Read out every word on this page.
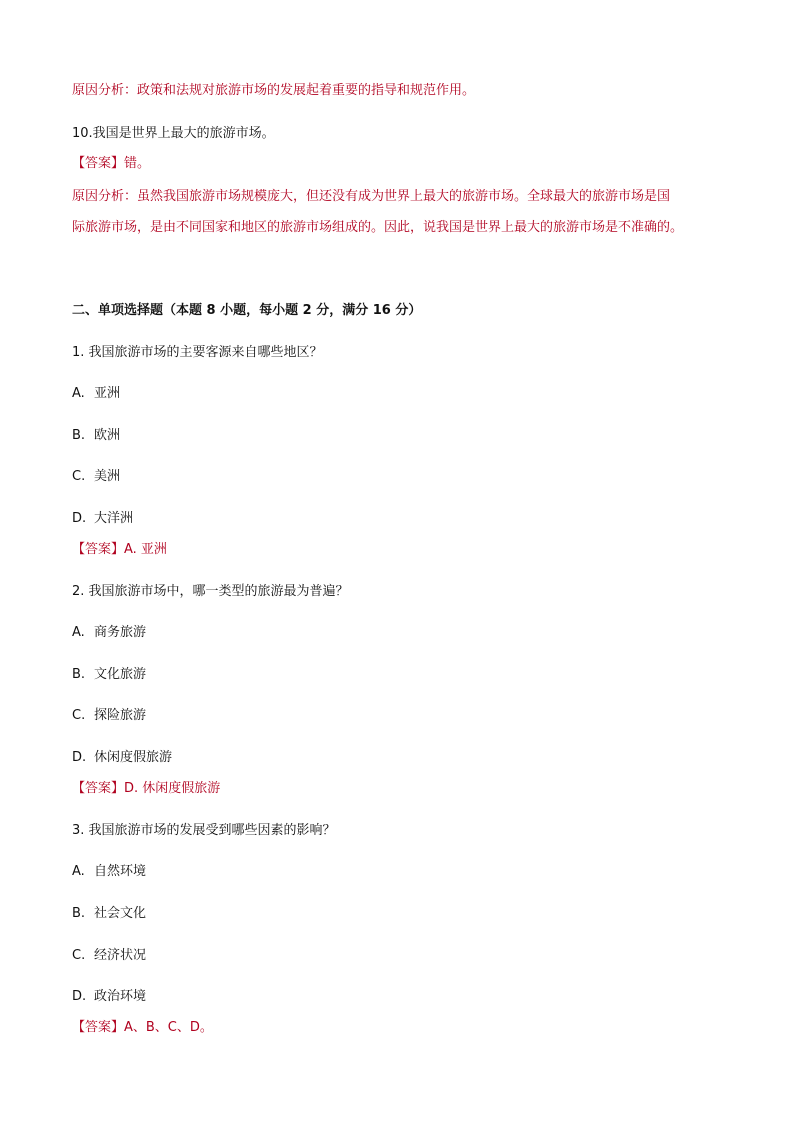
原因分析：政策和法规对旅游市场的发展起着重要的指导和规范作用。
10.我国是世界上最大的旅游市场。
【答案】错。
原因分析：虽然我国旅游市场规模庞大，但还没有成为世界上最大的旅游市场。全球最大的旅游市场是国
际旅游市场，是由不同国家和地区的旅游市场组成的。因此，说我国是世界上最大的旅游市场是不准确的。
二、单项选择题（本题 8 小题，每小题 2 分，满分 16 分）
1. 我国旅游市场的主要客源来自哪些地区？
A. 亚洲
B. 欧洲
C. 美洲
D. 大洋洲
【答案】A. 亚洲
2. 我国旅游市场中，哪一类型的旅游最为普遍？
A. 商务旅游
B. 文化旅游
C. 探险旅游
D. 休闲度假旅游
【答案】D. 休闲度假旅游
3. 我国旅游市场的发展受到哪些因素的影响？
A. 自然环境
B. 社会文化
C. 经济状况
D. 政治环境
【答案】A、B、C、D。
